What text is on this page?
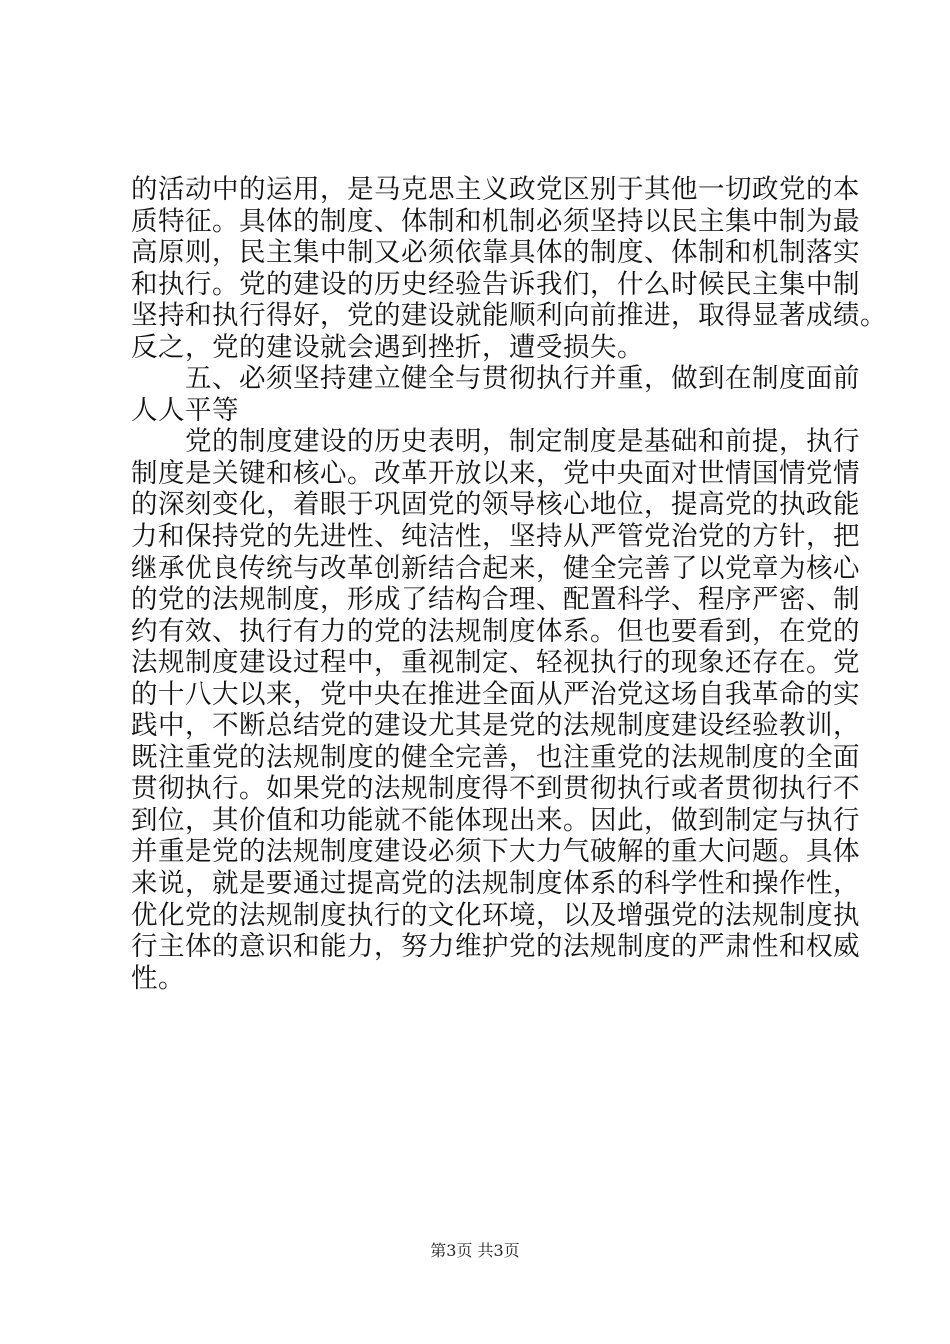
的活动中的运用，是马克思主义政党区别于其他一切政党的本
质特征。具体的制度、体制和机制必须坚持以民主集中制为最
高原则，民主集中制又必须依靠具体的制度、体制和机制落实
和执行。党的建设的历史经验告诉我们，什么时候民主集中制
坚持和执行得好，党的建设就能顺利向前推进，取得显著成绩。
反之，党的建设就会遇到挫折，遭受损失。
　　五、必须坚持建立健全与贯彻执行并重，做到在制度面前
人人平等
　　党的制度建设的历史表明，制定制度是基础和前提，执行
制度是关键和核心。改革开放以来，党中央面对世情国情党情
的深刻变化，着眼于巩固党的领导核心地位，提高党的执政能
力和保持党的先进性、纯洁性，坚持从严管党治党的方针，把
继承优良传统与改革创新结合起来，健全完善了以党章为核心
的党的法规制度，形成了结构合理、配置科学、程序严密、制
约有效、执行有力的党的法规制度体系。但也要看到，在党的
法规制度建设过程中，重视制定、轻视执行的现象还存在。党
的十八大以来，党中央在推进全面从严治党这场自我革命的实
践中，不断总结党的建设尤其是党的法规制度建设经验教训，
既注重党的法规制度的健全完善，也注重党的法规制度的全面
贯彻执行。如果党的法规制度得不到贯彻执行或者贯彻执行不
到位，其价值和功能就不能体现出来。因此，做到制定与执行
并重是党的法规制度建设必须下大力气破解的重大问题。具体
来说，就是要通过提高党的法规制度体系的科学性和操作性，
优化党的法规制度执行的文化环境，以及增强党的法规制度执
行主体的意识和能力，努力维护党的法规制度的严肃性和权威
性。
第3页 共3页
